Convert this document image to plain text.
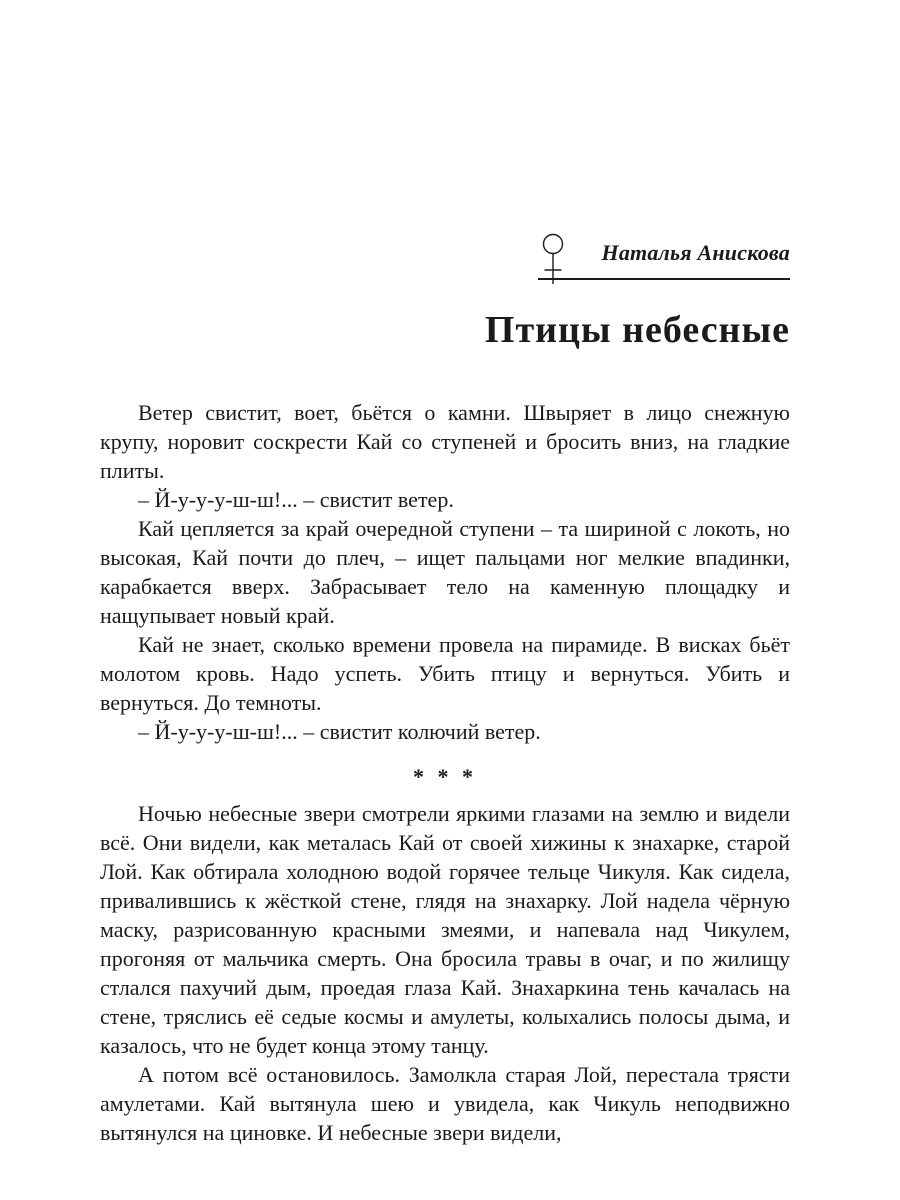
Наталья Анискова
Птицы небесные

Ветер свистит, воет, бьётся о камни. Швыряет в лицо снежную крупу, норовит соскрести Кай со ступеней и бросить вниз, на гладкие плиты.

– Й-у-у-у-ш-ш!... – свистит ветер.

Кай цепляется за край очередной ступени – та шириной с локоть, но высокая, Кай почти до плеч, – ищет пальцами ног мелкие впадинки, карабкается вверх. Забрасывает тело на каменную площадку и нащупывает новый край.

Кай не знает, сколько времени провела на пирамиде. В висках бьёт молотом кровь. Надо успеть. Убить птицу и вернуться. Убить и вернуться. До темноты.

– Й-у-у-у-ш-ш!... – свистит колючий ветер.

* * *

Ночью небесные звери смотрели яркими глазами на землю и видели всё. Они видели, как металась Кай от своей хижины к знахарке, старой Лой. Как обтирала холодною водой горячее тельце Чикуля. Как сидела, привалившись к жёсткой стене, глядя на знахарку. Лой надела чёрную маску, разрисованную красными змеями, и напевала над Чикулем, прогоняя от мальчика смерть. Она бросила травы в очаг, и по жилищу стлался пахучий дым, проедая глаза Кай. Знахаркина тень качалась на стене, тряслись её седые космы и амулеты, колыхались полосы дыма, и казалось, что не будет конца этому танцу.

А потом всё остановилось. Замолкла старая Лой, перестала трясти амулетами. Кай вытянула шею и увидела, как Чикуль неподвижно вытянулся на циновке. И небесные звери видели,
